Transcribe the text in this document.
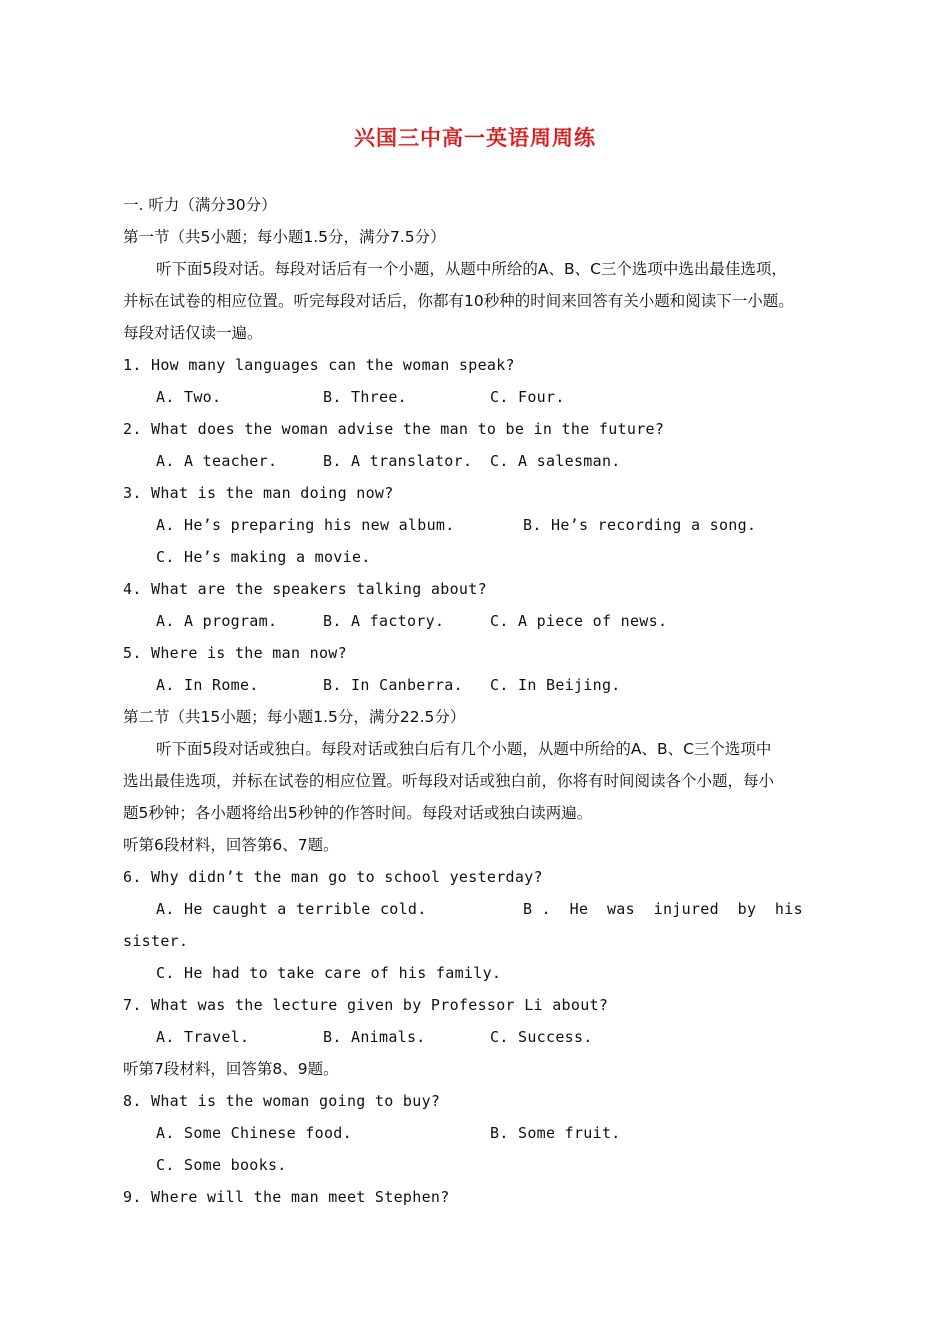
兴国三中高一英语周周练
一. 听力（满分30分）
第一节（共5小题；每小题1.5分，满分7.5分）
听下面5段对话。每段对话后有一个小题，从题中所给的A、B、C三个选项中选出最佳选项，
并标在试卷的相应位置。听完每段对话后，你都有10秒种的时间来回答有关小题和阅读下一小题。
每段对话仅读一遍。
1. How many languages can the woman speak?
A. Two.	B. Three.	C. Four.
2. What does the woman advise the man to be in the future?
A. A teacher.	B. A translator. C. A salesman.
3. What is the man doing now?
A. He’s preparing his new album.	B. He’s recording a song.
C. He’s making a movie.
4. What are the speakers talking about?
A. A program.	B. A factory.	C. A piece of news.
5. Where is the man now?
A. In Rome.	B. In Canberra. C. In Beijing.
第二节（共15小题；每小题1.5分，满分22.5分）
听下面5段对话或独白。每段对话或独白后有几个小题，从题中所给的A、B、C三个选项中
选出最佳选项，并标在试卷的相应位置。听每段对话或独白前，你将有时间阅读各个小题，每小
题5秒钟；各小题将给出5秒钟的作答时间。每段对话或独白读两遍。
听第6段材料，回答第6、7题。
6. Why didn’t the man go to school yesterday?
A. He caught a terrible cold.	B .  He  was  injured  by  his
sister.
C. He had to take care of his family.
7. What was the lecture given by Professor Li about?
A. Travel.	B. Animals.	C. Success.
听第7段材料，回答第8、9题。
8. What is the woman going to buy?
A. Some Chinese food.	B. Some fruit.
C. Some books.
9. Where will the man meet Stephen?
